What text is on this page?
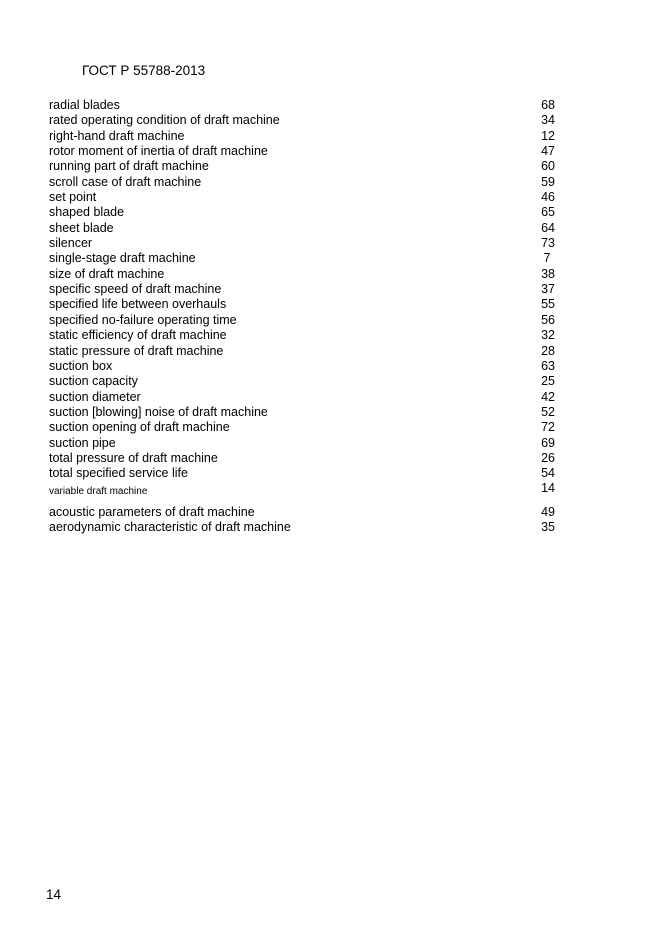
ГОСТ Р 55788-2013
radial blades	68
rated operating condition of draft machine	34
right-hand draft machine	12
rotor moment of inertia of draft machine	47
running part of draft machine	60
scroll case of draft machine	59
set point	46
shaped blade	65
sheet blade	64
silencer	73
single-stage draft machine	7
size of draft machine	38
specific speed of draft machine	37
specified life between overhauls	55
specified no-failure operating time	56
static efficiency of draft machine	32
static pressure of draft machine	28
suction box	63
suction capacity	25
suction diameter	42
suction [blowing] noise of draft machine	52
suction opening of draft machine	72
suction pipe	69
total pressure of draft machine	26
total specified service life	54
variable draft machine	14
acoustic parameters of draft machine	49
aerodynamic characteristic of draft machine	35
14
